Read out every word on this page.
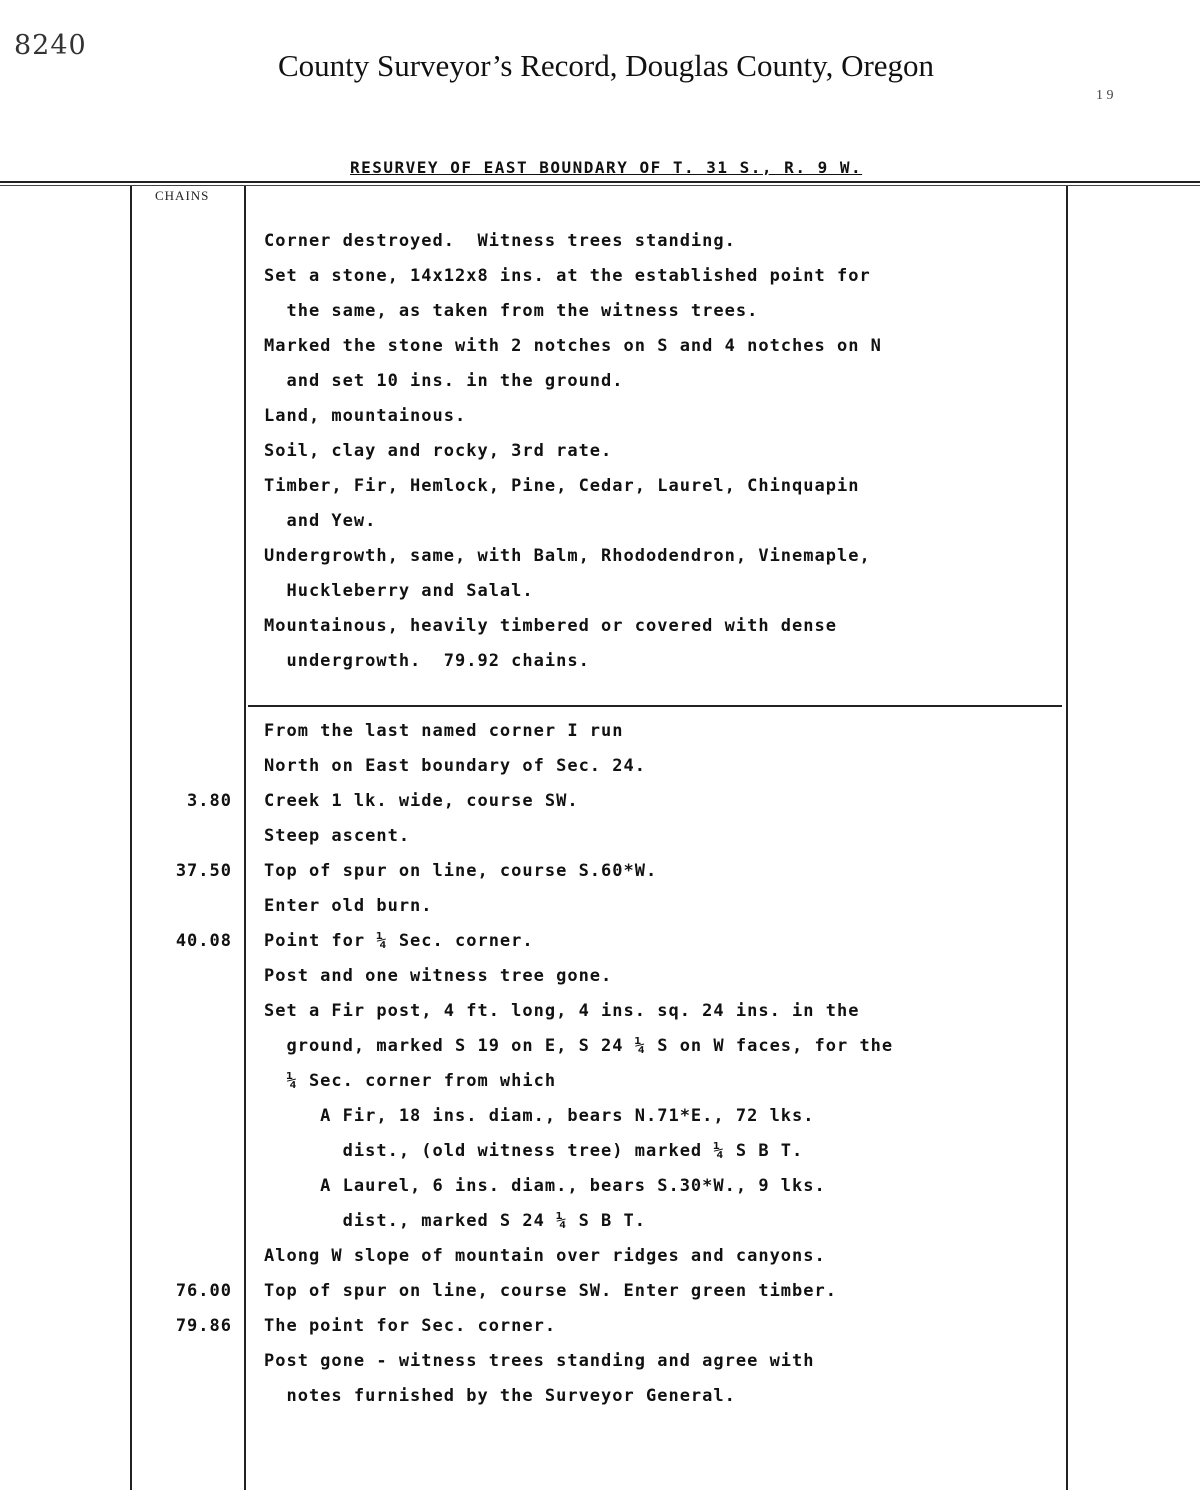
8240
County Surveyor’s Record, Douglas County, Oregon
1 9
RESURVEY OF EAST BOUNDARY OF T. 31 S., R. 9 W.
CHAINS
Corner destroyed.  Witness trees standing.
Set a stone, 14x12x8 ins. at the established point for
the same, as taken from the witness trees.
Marked the stone with 2 notches on S and 4 notches on N
and set 10 ins. in the ground.
Land, mountainous.
Soil, clay and rocky, 3rd rate.
Timber, Fir, Hemlock, Pine, Cedar, Laurel, Chinquapin
and Yew.
Undergrowth, same, with Balm, Rhododendron, Vinemaple,
Huckleberry and Salal.
Mountainous, heavily timbered or covered with dense
undergrowth.  79.92 chains.
From the last named corner I run
North on East boundary of Sec. 24.
Creek 1 lk. wide, course SW.
Steep ascent.
Top of spur on line, course S.60*W.
Enter old burn.
Point for ¼ Sec. corner.
Post and one witness tree gone.
Set a Fir post, 4 ft. long, 4 ins. sq. 24 ins. in the
ground, marked S 19 on E, S 24 ¼ S on W faces, for the
¼ Sec. corner from which
A Fir, 18 ins. diam., bears N.71*E., 72 lks.
dist., (old witness tree) marked ¼ S B T.
A Laurel, 6 ins. diam., bears S.30*W., 9 lks.
dist., marked S 24 ¼ S B T.
Along W slope of mountain over ridges and canyons.
Top of spur on line, course SW. Enter green timber.
The point for Sec. corner.
Post gone - witness trees standing and agree with
notes furnished by the Surveyor General.
3.80
37.50
40.08
76.00
79.86
